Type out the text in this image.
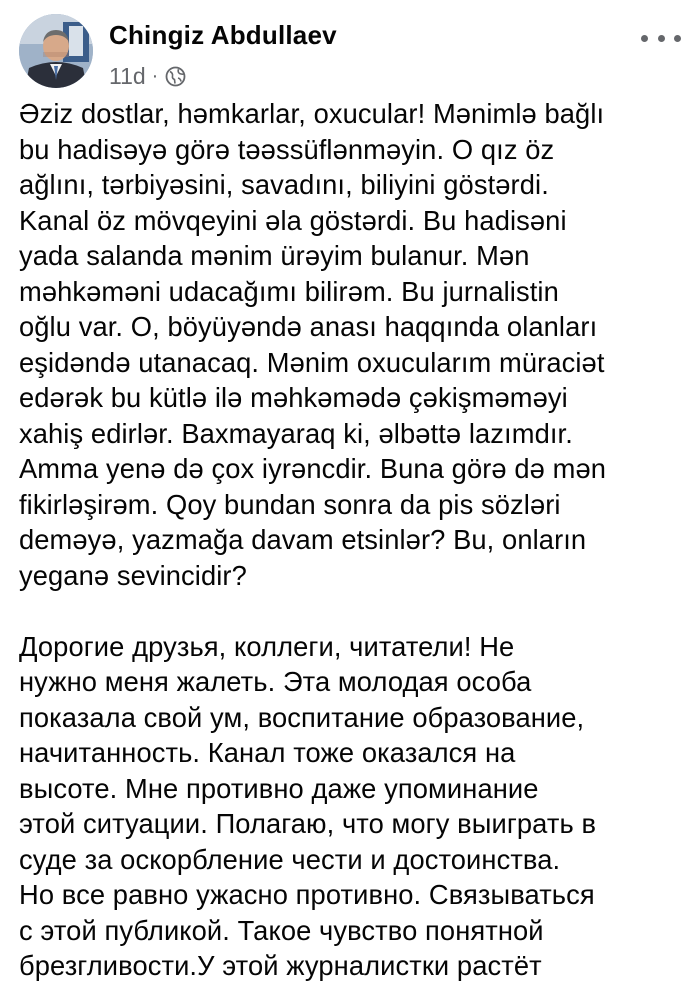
Chingiz Abdullaev
11d ·

Əziz dostlar, həmkarlar, oxucular! Mənimlə bağlı
bu hadisəyə görə təəssüflənməyin. O qız öz
ağlını, tərbiyəsini, savadını, biliyini göstərdi.
Kanal öz mövqeyini əla göstərdi. Bu hadisəni
yada salanda mənim ürəyim bulanur. Mən
məhkəməni udacağımı bilirəm. Bu jurnalistin
oğlu var. O, böyüyəndə anası haqqında olanları
eşidəndə utanacaq. Mənim oxucularım müraciət
edərək bu kütlə ilə məhkəmədə çəkişməməyi
xahiş edirlər. Baxmayaraq ki, əlbəttə lazımdır.
Amma yenə də çox iyrəncdir. Buna görə də mən
fikirləşirəm. Qoy bundan sonra da pis sözləri
deməyə, yazmağa davam etsinlər? Bu, onların
yeganə sevincidir?

Дорогие друзья, коллеги, читатели! Не
нужно меня жалеть. Эта молодая особа
показала свой ум, воспитание образование,
начитанность. Канал тоже оказался на
высоте. Мне противно даже упоминание
этой ситуации. Полагаю, что могу выиграть в
суде за оскорбление чести и достоинства.
Но все равно ужасно противно. Связываться
с этой публикой. Такое чувство понятной
брезгливости.У этой журналистки растёт
